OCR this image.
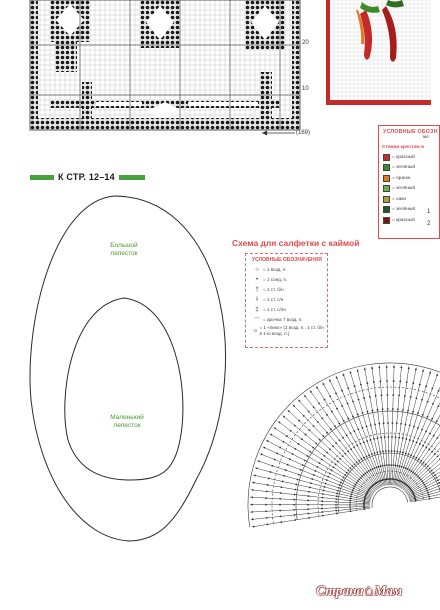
20
10
(169)
К СТР. 12–14
Большой
лепесток
Маленький
лепесток
УСЛОВНЫЕ ОБОЗН
мо
Стежки крестом в
= красный
= зелёный
= оранж.
= зелёный
= хаки
= зелёный
= красный
1
2
Схема для салфетки с каймой
УСЛОВНЫЕ ОБОЗНАЧЕНИЯ
○ = 1 возд. п.
•	= 1 соед. п.
† = 1 ст. б/н
ł	= 1 ст. с/н
‡ = 1 ст. с/2н
⌒ = арочка 7 возд. п.
☼ = 1 «пико» (3 возд. п., 1 ст. б/н в 1-ю возд. п.)
Страна ⌂ Мам
